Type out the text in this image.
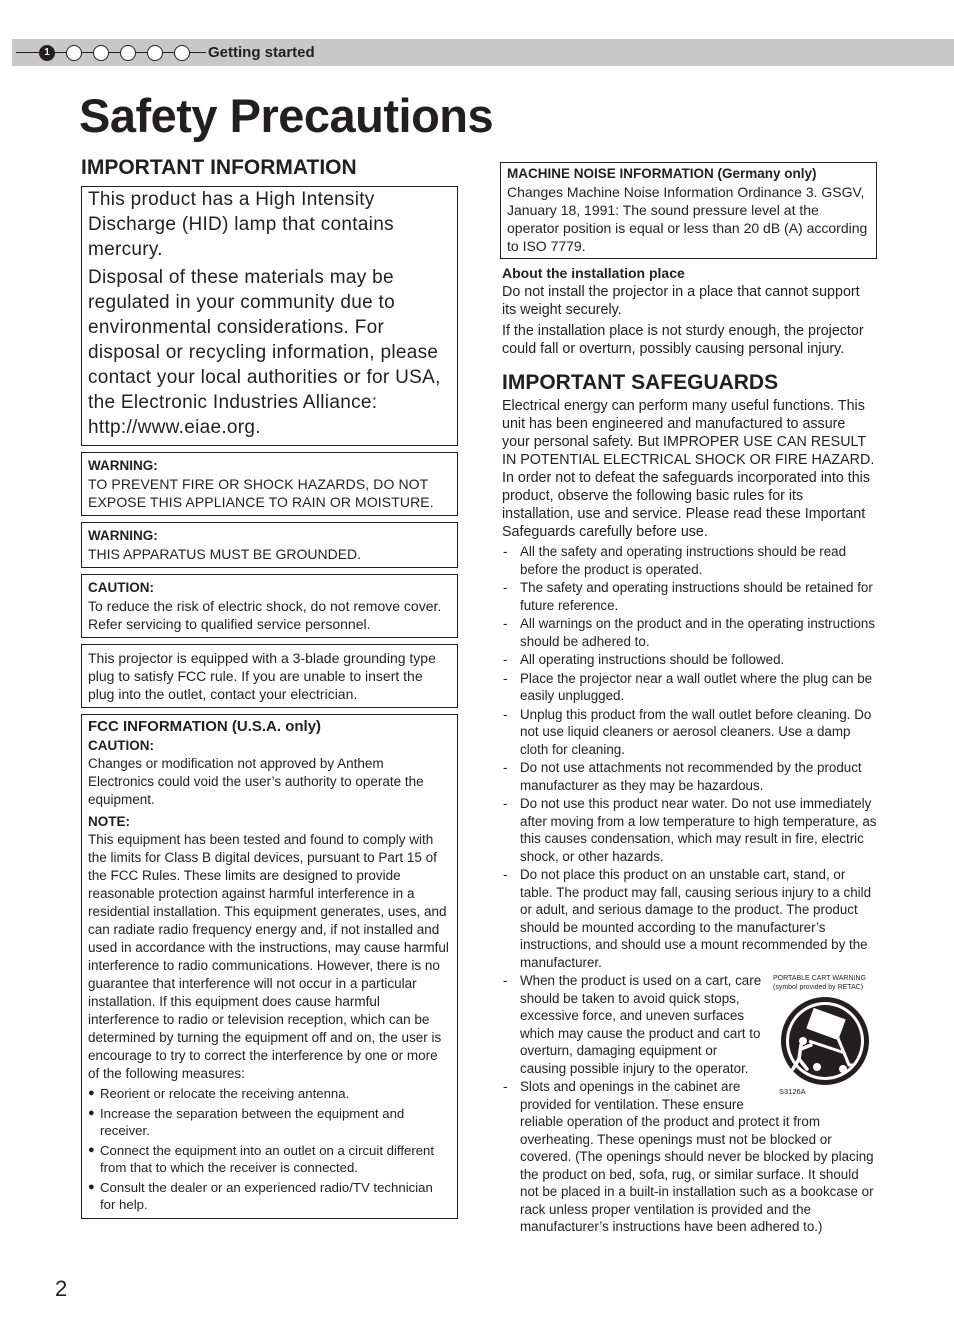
1	Getting started
Safety Precautions
IMPORTANT INFORMATION

This product has a High Intensity Discharge (HID) lamp that contains mercury.

Disposal of these materials may be regulated in your community due to environmental considerations. For disposal or recycling information, please contact your local authorities or for USA, the Electronic Industries Alliance: http://www.eiae.org.

WARNING:
TO PREVENT FIRE OR SHOCK HAZARDS, DO NOT EXPOSE THIS APPLIANCE TO RAIN OR MOISTURE.
WARNING:
THIS APPARATUS MUST BE GROUNDED.
CAUTION:
To reduce the risk of electric shock, do not remove cover. Refer servicing to qualified service personnel.
This projector is equipped with a 3-blade grounding type plug to satisfy FCC rule. If you are unable to insert the plug into the outlet, contact your electrician.
FCC INFORMATION (U.S.A. only)
CAUTION:
Changes or modification not approved by Anthem Electronics could void the user’s authority to operate the equipment.
NOTE:
This equipment has been tested and found to comply with the limits for Class B digital devices, pursuant to Part 15 of the FCC Rules. These limits are designed to provide reasonable protection against harmful interference in a residential installation. This equipment generates, uses, and can radiate radio frequency energy and, if not installed and used in accordance with the instructions, may cause harmful interference to radio communications. However, there is no guarantee that interference will not occur in a particular installation. If this equipment does cause harmful interference to radio or television reception, which can be determined by turning the equipment off and on, the user is encourage to try to correct the interference by one or more of the following measures:
● Reorient or relocate the receiving antenna.
● Increase the separation between the equipment and receiver.
● Connect the equipment into an outlet on a circuit different from that to which the receiver is connected.
● Consult the dealer or an experienced radio/TV technician for help.
MACHINE NOISE INFORMATION (Germany only)
Changes Machine Noise Information Ordinance 3. GSGV, January 18, 1991: The sound pressure level at the operator position is equal or less than 20 dB (A) according to ISO 7779.
About the installation place
Do not install the projector in a place that cannot support its weight securely.
If the installation place is not sturdy enough, the projector could fall or overturn, possibly causing personal injury.
IMPORTANT SAFEGUARDS
Electrical energy can perform many useful functions. This unit has been engineered and manufactured to assure your personal safety. But IMPROPER USE CAN RESULT IN POTENTIAL ELECTRICAL SHOCK OR FIRE HAZARD. In order not to defeat the safeguards incorporated into this product, observe the following basic rules for its installation, use and service. Please read these Important Safeguards carefully before use.
- All the safety and operating instructions should be read before the product is operated.
- The safety and operating instructions should be retained for future reference.
- All warnings on the product and in the operating instructions should be adhered to.
- All operating instructions should be followed.
- Place the projector near a wall outlet where the plug can be easily unplugged.
- Unplug this product from the wall outlet before cleaning. Do not use liquid cleaners or aerosol cleaners. Use a damp cloth for cleaning.
- Do not use attachments not recommended by the product manufacturer as they may be hazardous.
- Do not use this product near water. Do not use immediately after moving from a low temperature to high temperature, as this causes condensation, which may result in fire, electric shock, or other hazards.
- Do not place this product on an unstable cart, stand, or table. The product may fall, causing serious injury to a child or adult, and serious damage to the product. The product should be mounted according to the manufacturer’s instructions, and should use a mount recommended by the manufacturer.
- PORTABLE CART WARNING
(symbol provided by RETAC)
S3126A
When the product is used on a cart, care should be taken to avoid quick stops, excessive force, and uneven surfaces which may cause the product and cart to overturn, damaging equipment or causing possible injury to the operator.
- Slots and openings in the cabinet are provided for ventilation. These ensure reliable operation of the product and protect it from overheating. These openings must not be blocked or covered. (The openings should never be blocked by placing the product on bed, sofa, rug, or similar surface. It should not be placed in a built-in installation such as a bookcase or rack unless proper ventilation is provided and the manufacturer’s instructions have been adhered to.)
2
